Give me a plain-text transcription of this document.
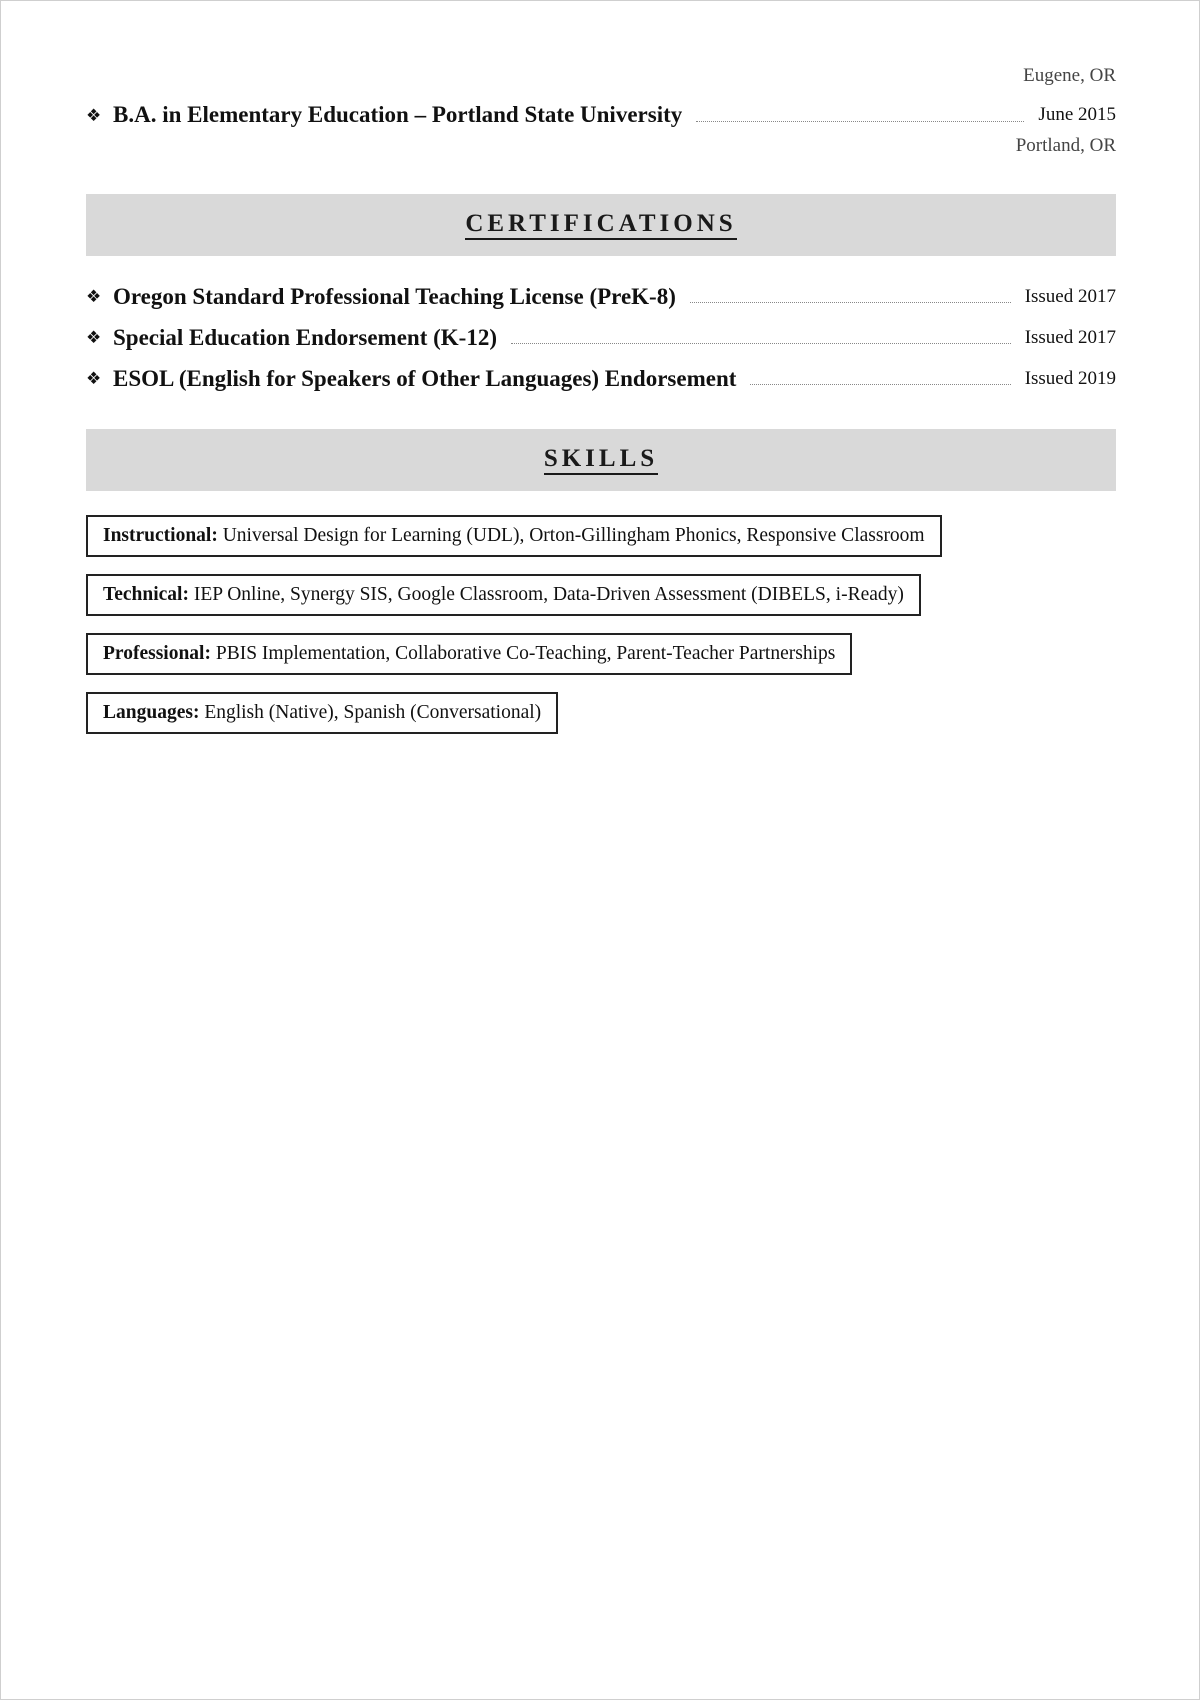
Eugene, OR
❖ B.A. in Elementary Education – Portland State University	June 2015
Portland, OR
CERTIFICATIONS
❖ Oregon Standard Professional Teaching License (PreK-8)	Issued 2017
❖ Special Education Endorsement (K-12)	Issued 2017
❖ ESOL (English for Speakers of Other Languages) Endorsement	Issued 2019
SKILLS
Instructional: Universal Design for Learning (UDL), Orton-Gillingham Phonics, Responsive Classroom
Technical: IEP Online, Synergy SIS, Google Classroom, Data-Driven Assessment (DIBELS, i-Ready)
Professional: PBIS Implementation, Collaborative Co-Teaching, Parent-Teacher Partnerships
Languages: English (Native), Spanish (Conversational)
